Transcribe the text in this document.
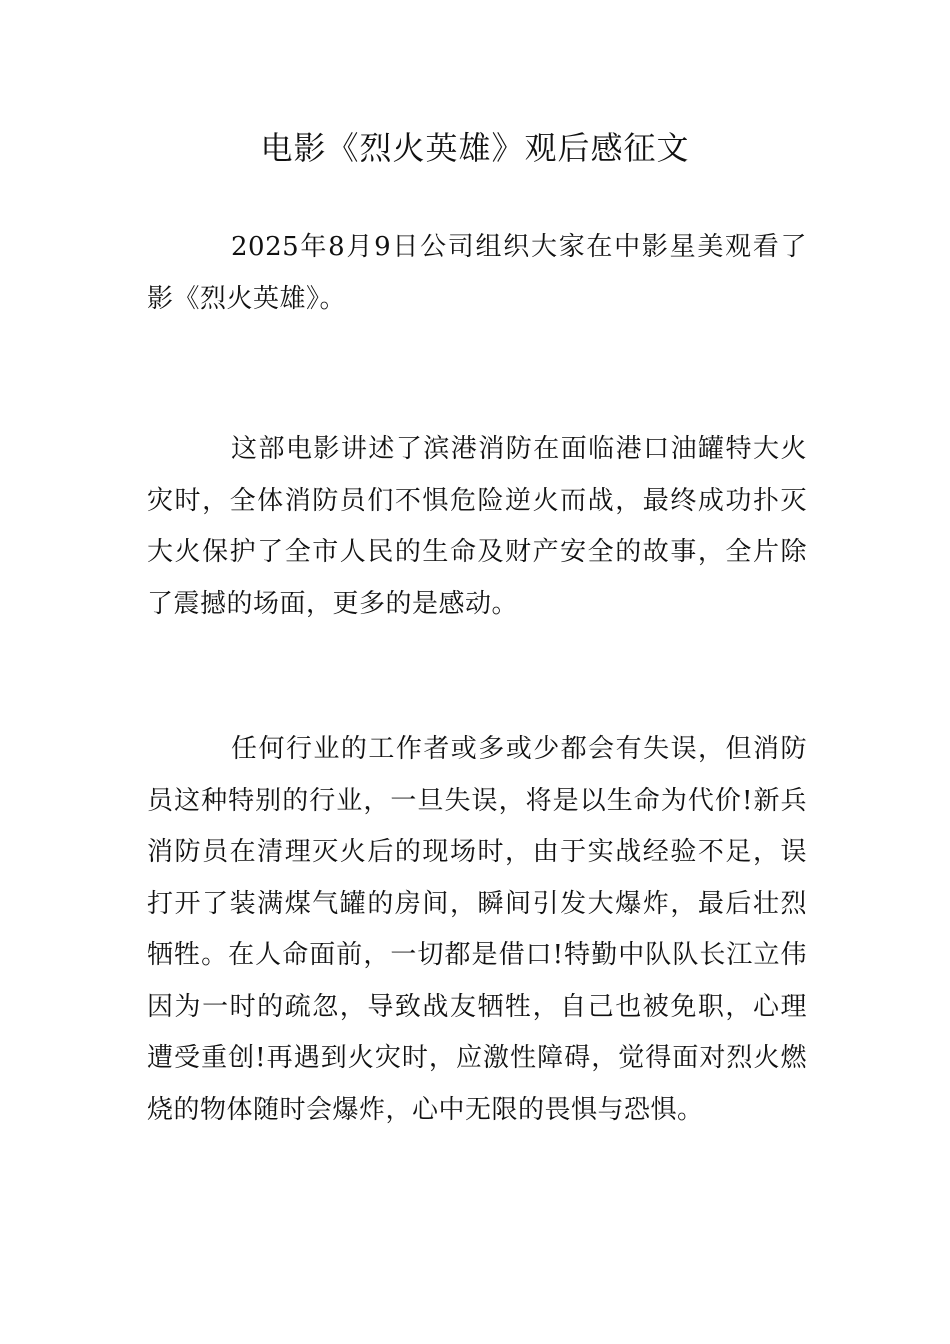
电影《烈火英雄》观后感征文

2025年8月9日公司组织大家在中影星美观看了影《烈火英雄》。

这部电影讲述了滨港消防在面临港口油罐特大火灾时，全体消防员们不惧危险逆火而战，最终成功扑灭大火保护了全市人民的生命及财产安全的故事，全片除了震撼的场面，更多的是感动。

任何行业的工作者或多或少都会有失误，但消防员这种特别的行业，一旦失误，将是以生命为代价!新兵消防员在清理灭火后的现场时，由于实战经验不足，误打开了装满煤气罐的房间，瞬间引发大爆炸，最后壮烈牺牲。在人命面前，一切都是借口!特勤中队队长江立伟因为一时的疏忽，导致战友牺牲，自己也被免职，心理遭受重创!再遇到火灾时，应激性障碍，觉得面对烈火燃烧的物体随时会爆炸，心中无限的畏惧与恐惧。
